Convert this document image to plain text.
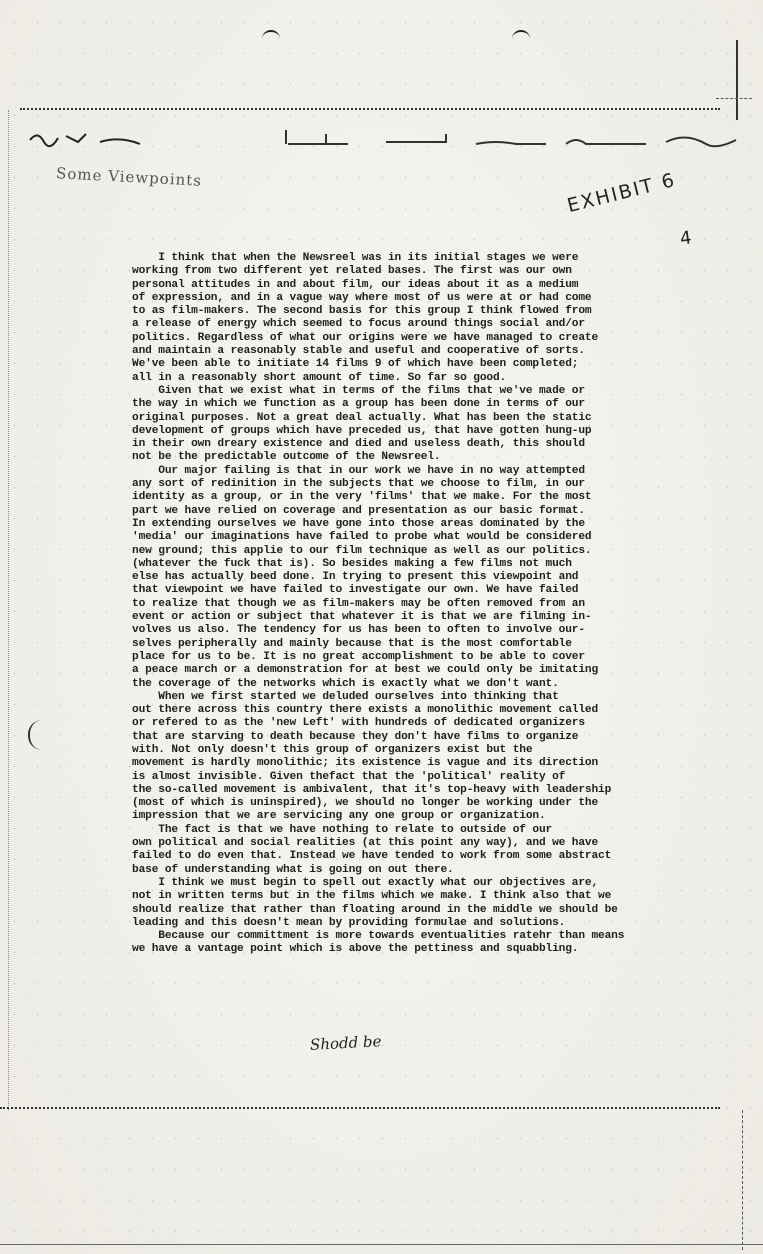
Some Viewpoints	EXHIBIT 6
4
I think that when the Newsreel was in its initial stages we were
working from two different yet related bases. The first was our own
personal attitudes in and about film, our ideas about it as a medium
of expression, and in a vague way where most of us were at or had come
to as film-makers. The second basis for this group I think flowed from
a release of energy which seemed to focus around things social and/or
politics. Regardless of what our origins were we have managed to create
and maintain a reasonably stable and useful and cooperative of sorts.
We've been able to initiate 14 films 9 of which have been completed;
all in a reasonably short amount of time. So far so good.
Given that we exist what in terms of the films that we've made or
the way in which we function as a group has been done in terms of our
original purposes. Not a great deal actually. What has been the static
development of groups which have preceded us, that have gotten hung-up
in their own dreary existence and died and useless death, this should
not be the predictable outcome of the Newsreel.
Our major failing is that in our work we have in no way attempted
any sort of redinition in the subjects that we choose to film, in our
identity as a group, or in the very 'films' that we make. For the most
part we have relied on coverage and presentation as our basic format.
In extending ourselves we have gone into those areas dominated by the
'media' our imaginations have failed to probe what would be considered
new ground; this applie to our film technique as well as our politics.
(whatever the fuck that is). So besides making a few films not much
else has actually beed done. In trying to present this viewpoint and
that viewpoint we have failed to investigate our own. We have failed
to realize that though we as film-makers may be often removed from an
event or action or subject that whatever it is that we are filming in-
volves us also. The tendency for us has been to often to involve our-
selves peripherally and mainly because that is the most comfortable
place for us to be. It is no great accomplishment to be able to cover
a peace march or a demonstration for at best we could only be imitating
the coverage of the networks which is exactly what we don't want.
When we first started we deluded ourselves into thinking that
out there across this country there exists a monolithic movement called
or refered to as the 'new Left' with hundreds of dedicated organizers
that are starving to death because they don't have films to organize
with. Not only doesn't this group of organizers exist but the
movement is hardly monolithic; its existence is vague and its direction
is almost invisible. Given thefact that the 'political' reality of
the so-called movement is ambivalent, that it's top-heavy with leadership
(most of which is uninspired), we should no longer be working under the
impression that we are servicing any one group or organization.
The fact is that we have nothing to relate to outside of our
own political and social realities (at this point any way), and we have
failed to do even that. Instead we have tended to work from some abstract
base of understanding what is going on out there.
I think we must begin to spell out exactly what our objectives are,
not in written terms but in the films which we make. I think also that we
should realize that rather than floating around in the middle we should be
leading and this doesn't mean by providing formulae and solutions.
Because our committment is more towards eventualities ratehr than means
we have a vantage point which is above the pettiness and squabbling.
Shodd be
